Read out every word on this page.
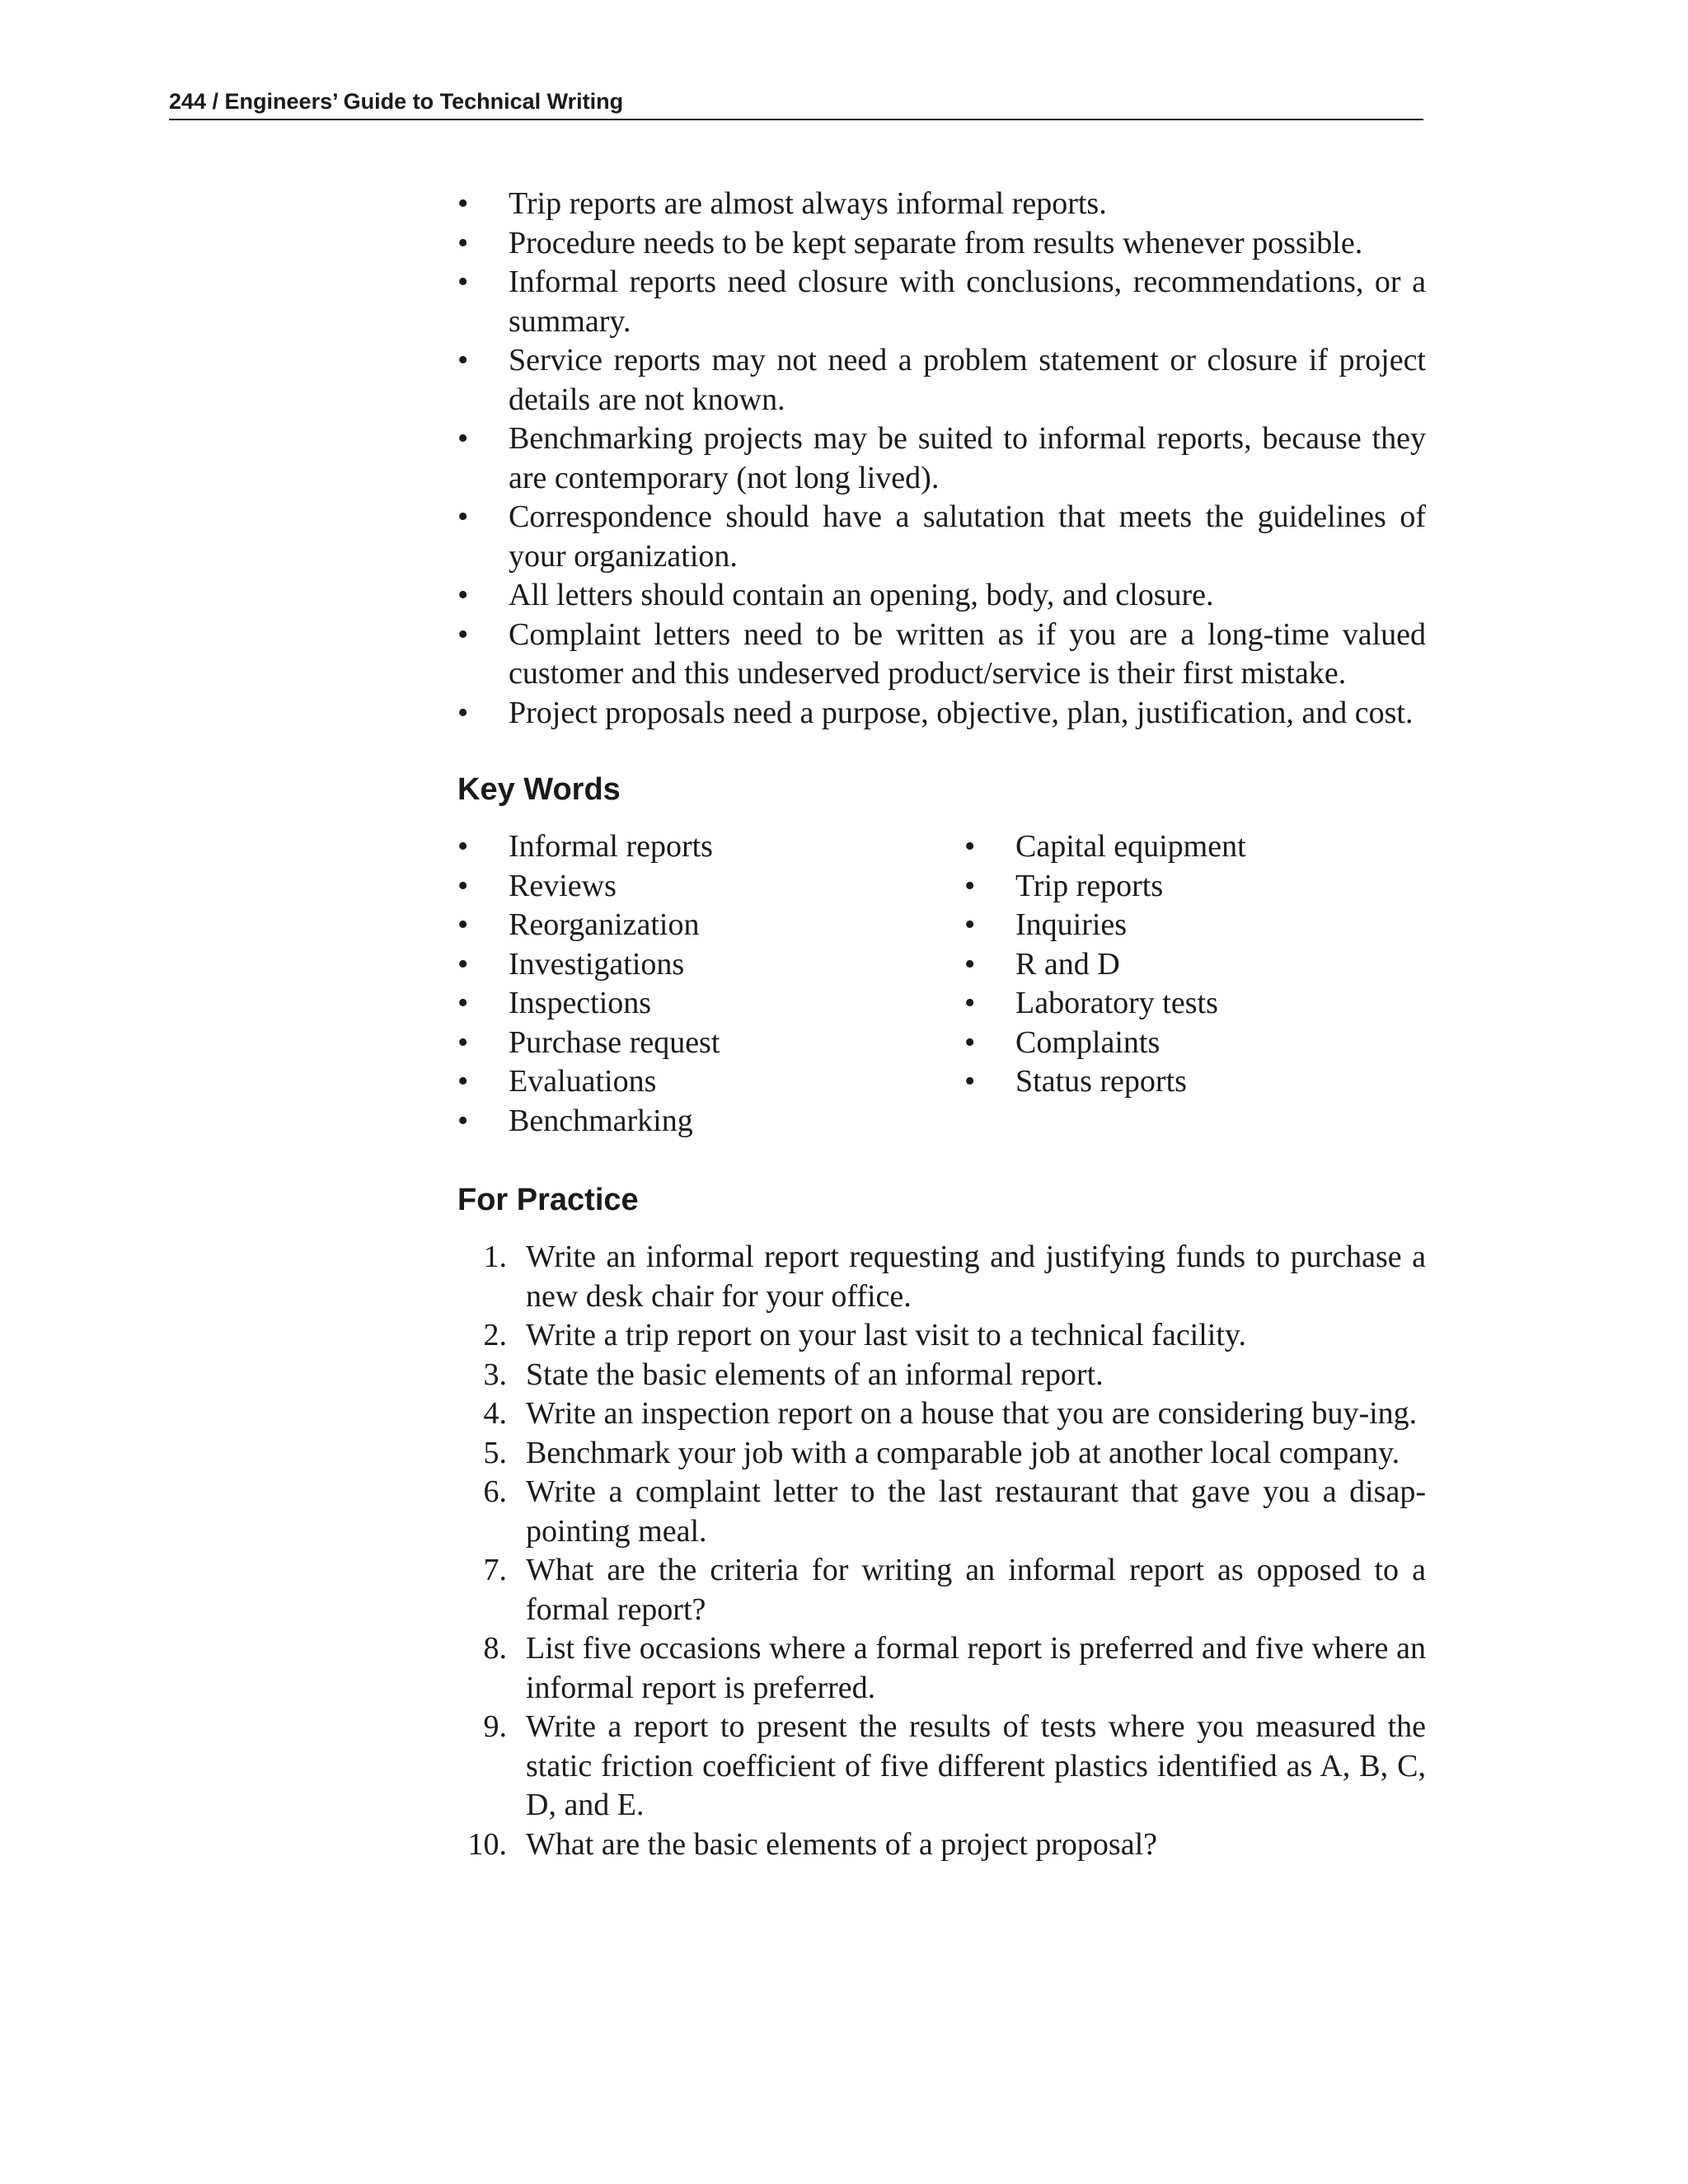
244 / Engineers’ Guide to Technical Writing
• Trip reports are almost always informal reports.
• Procedure needs to be kept separate from results whenever possible.
• Informal reports need closure with conclusions, recommendations, or a summary.
• Service reports may not need a problem statement or closure if project details are not known.
• Benchmarking projects may be suited to informal reports, because they are contemporary (not long lived).
• Correspondence should have a salutation that meets the guidelines of your organization.
• All letters should contain an opening, body, and closure.
• Complaint letters need to be written as if you are a long-time valued customer and this undeserved product/service is their first mistake.
• Project proposals need a purpose, objective, plan, justification, and cost.
Key Words
• Informal reports
• Reviews
• Reorganization
• Investigations
• Inspections
• Purchase request
• Evaluations
• Benchmarking
• Capital equipment
• Trip reports
• Inquiries
• R and D
• Laboratory tests
• Complaints
• Status reports
For Practice
1. Write an informal report requesting and justifying funds to purchase a new desk chair for your office.
2. Write a trip report on your last visit to a technical facility.
3. State the basic elements of an informal report.
4. Write an inspection report on a house that you are considering buy-ing.
5. Benchmark your job with a comparable job at another local company.
6. Write a complaint letter to the last restaurant that gave you a disap-pointing meal.
7. What are the criteria for writing an informal report as opposed to a formal report?
8. List five occasions where a formal report is preferred and five where an informal report is preferred.
9. Write a report to present the results of tests where you measured the static friction coefficient of five different plastics identified as A, B, C, D, and E.
10. What are the basic elements of a project proposal?
